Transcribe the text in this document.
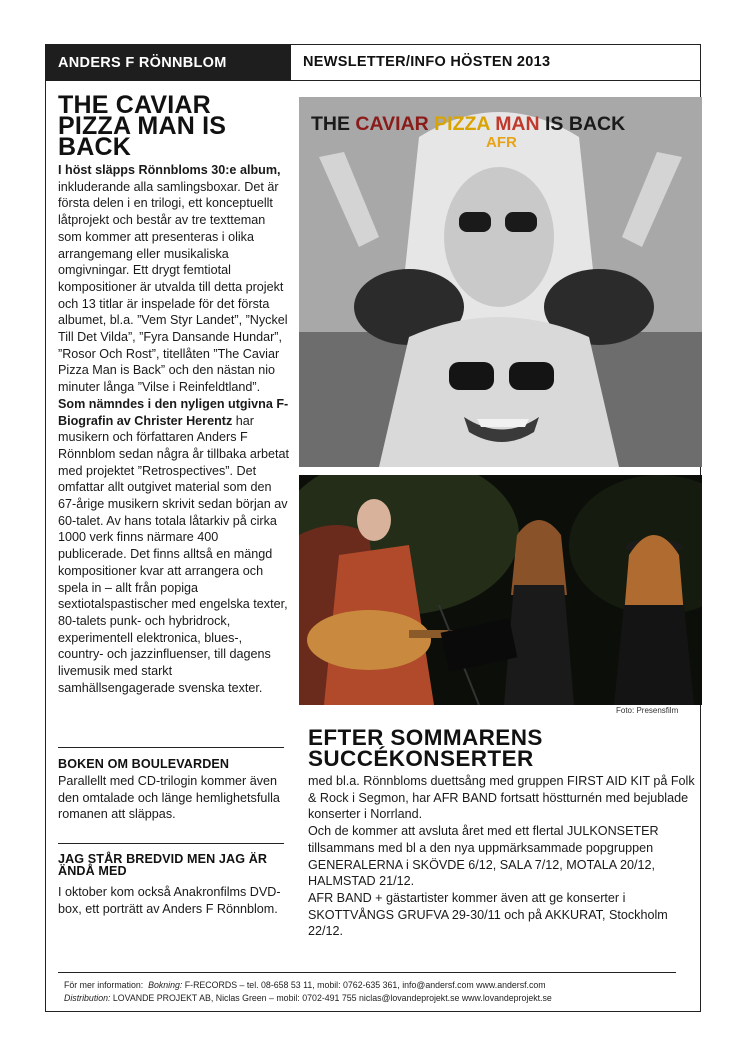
ANDERS F RÖNNBLOM	NEWSLETTER/INFO HÖSTEN 2013
THE CAVIAR PIZZA MAN IS BACK

I höst släpps Rönnbloms 30:e album, inkluderande alla samlingsboxar. Det är första delen i en trilogi, ett konceptuellt låtprojekt och består av tre textteman som kommer att presenteras i olika arrangemang eller musikaliska omgivningar. Ett drygt femtiotal kompositioner är utvalda till detta projekt och 13 titlar är inspelade för det första albumet, bl.a. ”Vem Styr Landet”, ”Nyckel Till Det Vilda”, ”Fyra Dansande Hundar”, ”Rosor Och Rost”, titellåten ”The Caviar Pizza Man is Back” och den nästan nio minuter långa ”Vilse i Reinfeldtland”.

Som nämndes i den nyligen utgivna F-Biografin av Christer Herentz har musikern och författaren Anders F Rönnblom sedan några år tillbaka arbetat med projektet ”Retrospectives”. Det omfattar allt outgivet material som den 67-årige musikern skrivit sedan början av 60-talet. Av hans totala låtarkiv på cirka 1000 verk finns närmare 400 publicerade. Det finns alltså en mängd kompositioner kvar att arrangera och spela in – allt från popiga sextiotalspastischer med engelska texter, 80-talets punk- och hybridrock, experimentell elektronica, blues-, country- och jazzinfluenser, till dagens livemusik med starkt samhällsengagerade svenska texter.

BOKEN OM BOULEVARDEN

Parallellt med CD-trilogin kommer även den omtalade och länge hemlighetsfulla romanen att släppas.

JAG STÅR BREDVID MEN JAG ÄR ÄNDÅ MED

I oktober kom också Anakronfilms DVD-box, ett porträtt av Anders F Rönnblom.

THE CAVIAR PIZZA MAN IS BACK
AFR
Foto: Presensfilm
EFTER SOMMARENS SUCCÉKONSERTER

med bl.a. Rönnbloms duettsång med gruppen FIRST AID KIT på Folk & Rock i Segmon, har AFR BAND fortsatt höstturnén med bejublade konserter i Norrland.

Och de kommer att avsluta året med ett flertal JULKONSETER tillsammans med bl a den nya uppmärksammade popgruppen GENERALERNA i SKÖVDE 6/12, SALA 7/12, MOTALA 20/12, HALMSTAD 21/12.

AFR BAND + gästartister kommer även att ge konserter i SKOTTVÅNGS GRUFVA 29-30/11 och på AKKURAT, Stockholm 22/12.

För mer information: Bokning: F-RECORDS – tel. 08-658 53 11, mobil: 0762-635 361, info@andersf.com www.andersf.com
Distribution: LOVANDE PROJEKT AB, Niclas Green – mobil: 0702-491 755 niclas@lovandeprojekt.se www.lovandeprojekt.se
